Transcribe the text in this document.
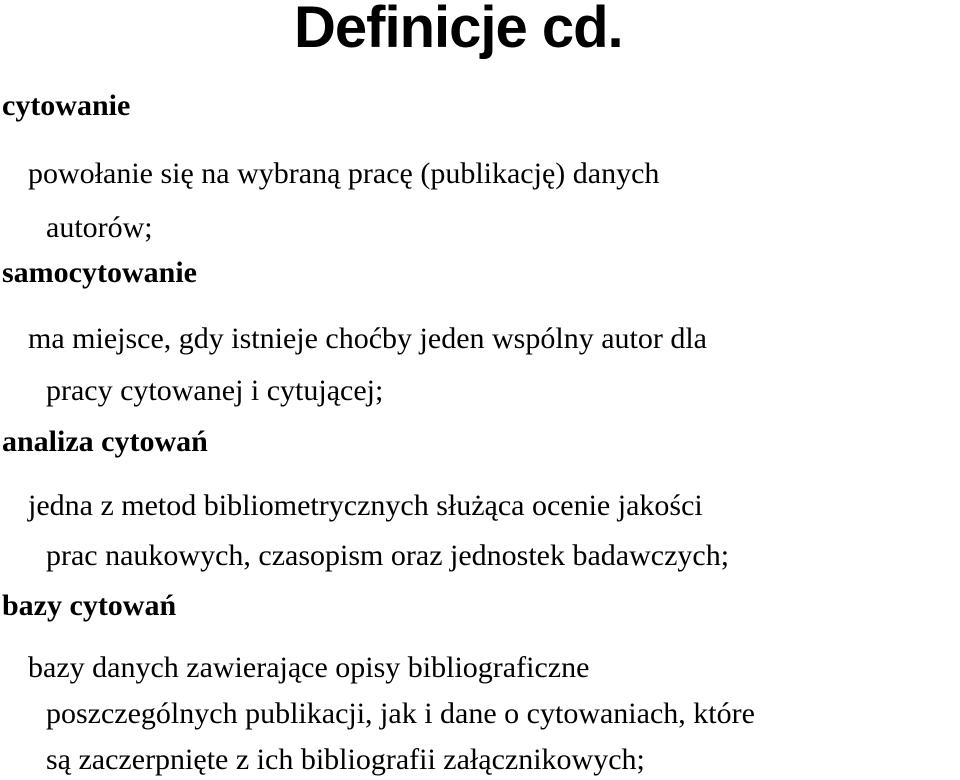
Definicje cd.
cytowanie
powołanie się na wybraną pracę (publikację) danych
autorów;
samocytowanie
ma miejsce, gdy istnieje choćby jeden wspólny autor dla
pracy cytowanej i cytującej;
analiza cytowań
jedna z metod bibliometrycznych służąca ocenie jakości
prac naukowych, czasopism oraz jednostek badawczych;
bazy cytowań
bazy danych zawierające opisy bibliograficzne
poszczególnych publikacji, jak i dane o cytowaniach, które
są zaczerpnięte z ich bibliografii załącznikowych;
